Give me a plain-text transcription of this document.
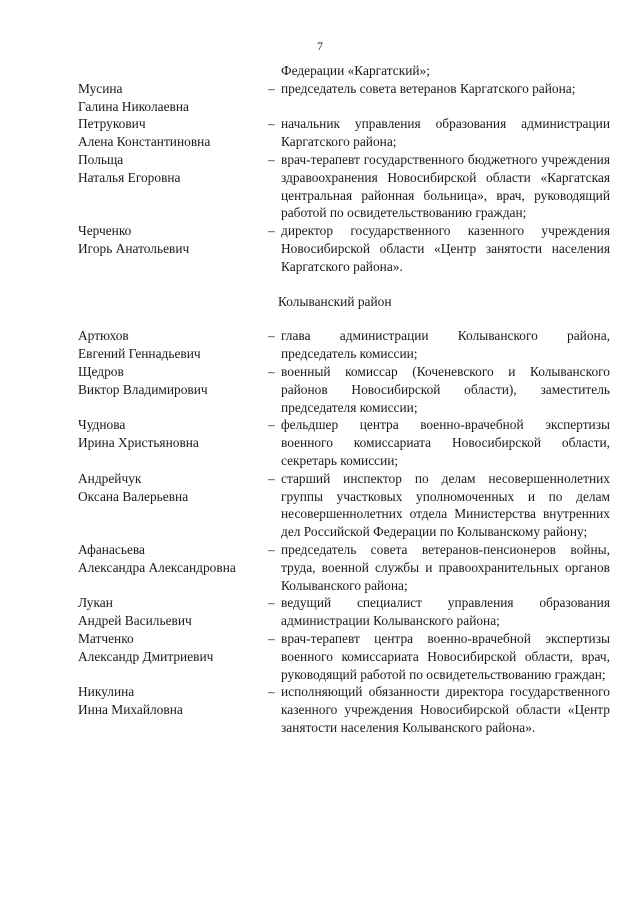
7
Федерации «Каргатский»;
Мусина
Галина Николаевна
– председатель совета ветеранов Каргатского района;
Петрукович
Алена Константиновна
– начальник управления образования администрации Каргатского района;
Польща
Наталья Егоровна
– врач-терапевт государственного бюджетного учреждения здравоохранения Новосибирской области «Каргатская центральная районная больница», врач, руководящий работой по освидетельствованию граждан;
Черченко
Игорь Анатольевич
– директор государственного казенного учреждения Новосибирской области «Центр занятости населения Каргатского района».
Колыванский район
Артюхов
Евгений Геннадьевич
– глава администрации Колыванского района, председатель комиссии;
Щедров
Виктор Владимирович
– военный комиссар (Коченевского и Колыванского районов Новосибирской области), заместитель председателя комиссии;
Чуднова
Ирина Христьяновна
– фельдшер центра военно-врачебной экспертизы военного комиссариата Новосибирской области, секретарь комиссии;
Андрейчук
Оксана Валерьевна
– старший инспектор по делам несовершеннолетних группы участковых уполномоченных и по делам несовершеннолетних отдела Министерства внутренних дел Российской Федерации по Колыванскому району;
Афанасьева
Александра Александровна
– председатель совета ветеранов-пенсионеров войны, труда, военной службы и правоохранительных органов Колыванского района;
Лукан
Андрей Васильевич
– ведущий специалист управления образования администрации Колыванского района;
Матченко
Александр Дмитриевич
– врач-терапевт центра военно-врачебной экспертизы военного комиссариата Новосибирской области, врач, руководящий работой по освидетельствованию граждан;
Никулина
Инна Михайловна
– исполняющий обязанности директора государственного казенного учреждения Новосибирской области «Центр занятости населения Колыванского района».
